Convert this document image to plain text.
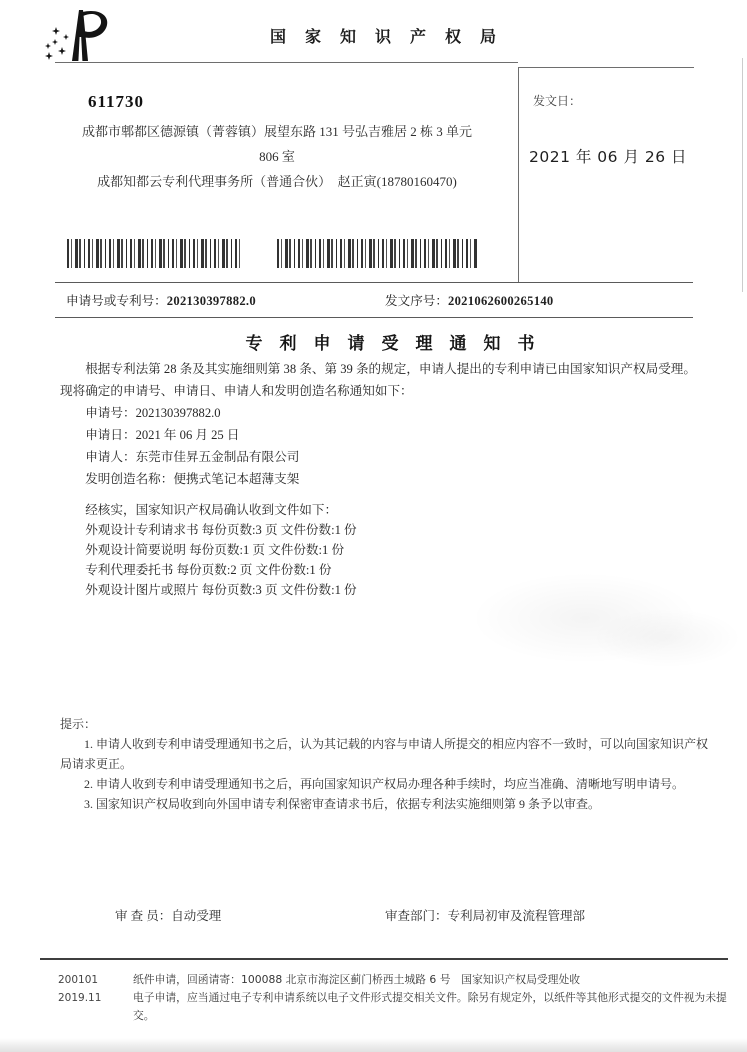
国家知识产权局
发文日：
2021 年 06 月 26 日
611730
成都市郫都区德源镇（菁蓉镇）展望东路 131 号弘吉雅居 2 栋 3 单元
806 室
成都知都云专利代理事务所（普通合伙）　赵正寅(18780160470)
申请号或专利号：202130397882.0	发文序号：2021062600265140
专利申请受理通知书
根据专利法第 28 条及其实施细则第 38 条、第 39 条的规定，申请人提出的专利申请已由国家知识产权局受理。现将确定的申请号、申请日、申请人和发明创造名称通知如下：
申请号：202130397882.0
申请日：2021 年 06 月 25 日
申请人：东莞市佳昇五金制品有限公司
发明创造名称：便携式笔记本超薄支架
经核实，国家知识产权局确认收到文件如下：
外观设计专利请求书 每份页数:3 页 文件份数:1 份
外观设计简要说明 每份页数:1 页 文件份数:1 份
专利代理委托书 每份页数:2 页 文件份数:1 份
外观设计图片或照片 每份页数:3 页 文件份数:1 份
提示：
1. 申请人收到专利申请受理通知书之后，认为其记载的内容与申请人所提交的相应内容不一致时，可以向国家知识产权局请求更正。
2. 申请人收到专利申请受理通知书之后，再向国家知识产权局办理各种手续时，均应当准确、清晰地写明申请号。
3. 国家知识产权局收到向外国申请专利保密审查请求书后，依据专利法实施细则第 9 条予以审查。
审 查 员：自动受理	审查部门：专利局初审及流程管理部
200101
2019.11
纸件申请，回函请寄：100088 北京市海淀区蓟门桥西土城路 6 号　国家知识产权局受理处收
电子申请，应当通过电子专利申请系统以电子文件形式提交相关文件。除另有规定外，以纸件等其他形式提交的文件视为未提交。
